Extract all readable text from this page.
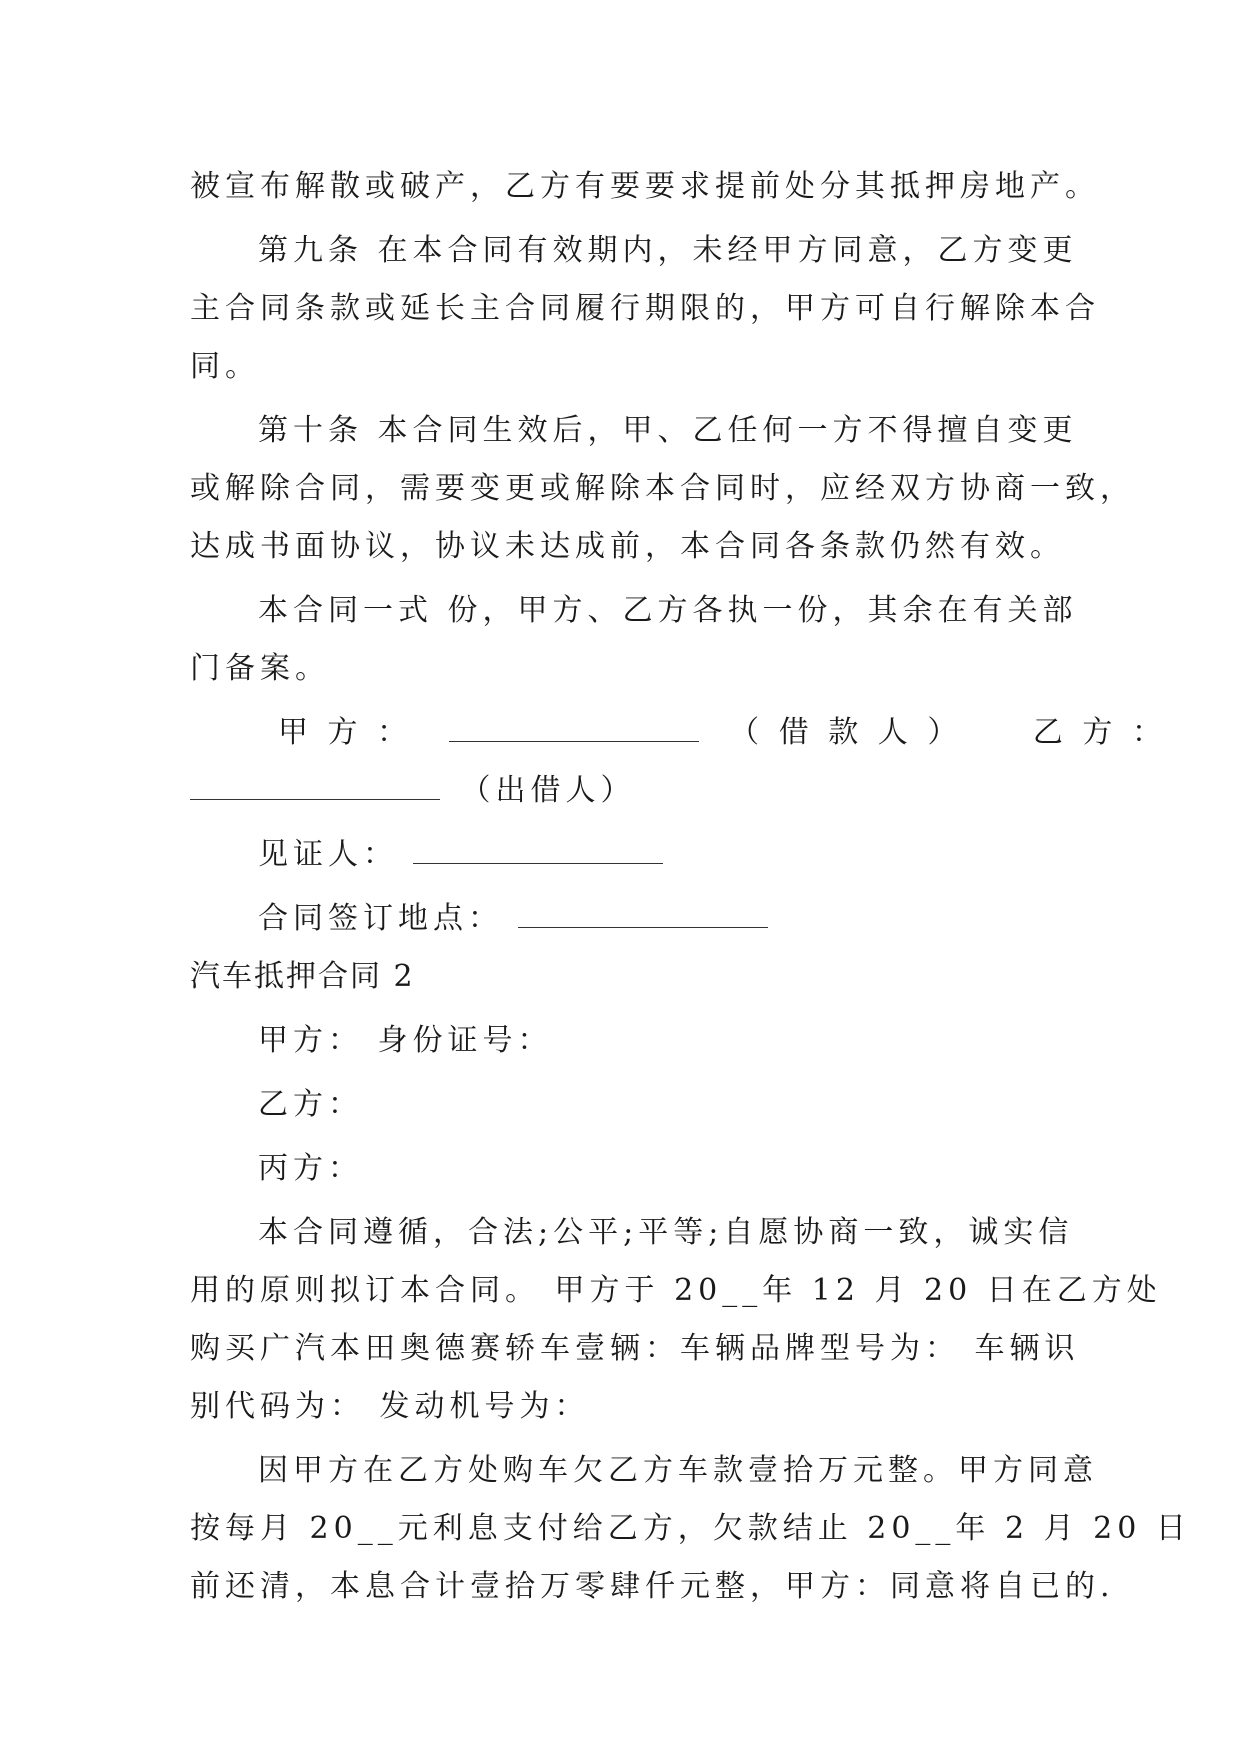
被宣布解散或破产，乙方有要要求提前处分其抵押房地产。
第九条 在本合同有效期内，未经甲方同意，乙方变更
主合同条款或延长主合同履行期限的，甲方可自行解除本合
同。
第十条 本合同生效后，甲、乙任何一方不得擅自变更
或解除合同，需要变更或解除本合同时，应经双方协商一致，
达成书面协议，协议未达成前，本合同各条款仍然有效。
本合同一式 份，甲方、乙方各执一份，其余在有关部
门备案。
甲 方 ：	（ 借 款 人 ） 乙 方 ：
（出借人）
见证人：
合同签订地点：
汽车抵押合同 2
甲方： 身份证号：
乙方：
丙方：
本合同遵循，合法;公平;平等;自愿协商一致，诚实信
用的原则拟订本合同。 甲方于 20__年 12 月 20 日在乙方处
购买广汽本田奥德赛轿车壹辆：车辆品牌型号为： 车辆识
别代码为： 发动机号为：
因甲方在乙方处购车欠乙方车款壹拾万元整。甲方同意
按每月 20__元利息支付给乙方，欠款结止 20__年 2 月 20 日
前还清，本息合计壹拾万零肆仟元整，甲方：同意将自已的.
